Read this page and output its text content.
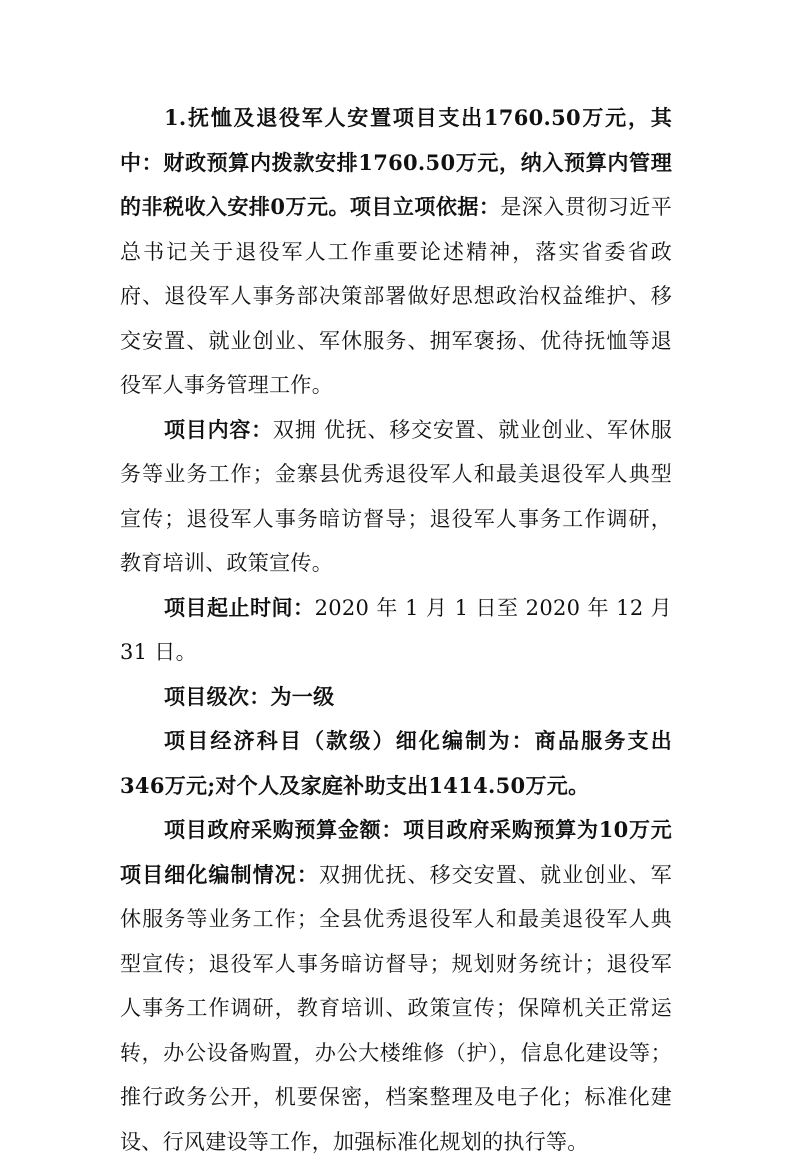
1.抚恤及退役军人安置项目支出1760.50万元，其中：财政预算内拨款安排1760.50万元，纳入预算内管理的非税收入安排0万元。项目立项依据：是深入贯彻习近平总书记关于退役军人工作重要论述精神，落实省委省政府、退役军人事务部决策部署做好思想政治权益维护、移交安置、就业创业、军休服务、拥军褒扬、优待抚恤等退役军人事务管理工作。

项目内容：双拥 优抚、移交安置、就业创业、军休服务等业务工作；金寨县优秀退役军人和最美退役军人典型宣传；退役军人事务暗访督导；退役军人事务工作调研，教育培训、政策宣传。

项目起止时间：2020 年 1 月 1 日至 2020 年 12 月 31 日。

项目级次：为一级

项目经济科目（款级）细化编制为：商品服务支出346万元;对个人及家庭补助支出1414.50万元。

项目政府采购预算金额：项目政府采购预算为10万元项目细化编制情况：双拥优抚、移交安置、就业创业、军休服务等业务工作；全县优秀退役军人和最美退役军人典型宣传；退役军人事务暗访督导；规划财务统计；退役军人事务工作调研，教育培训、政策宣传；保障机关正常运转，办公设备购置，办公大楼维修（护），信息化建设等；推行政务公开，机要保密，档案整理及电子化；标准化建设、行风建设等工作，加强标准化规划的执行等。
